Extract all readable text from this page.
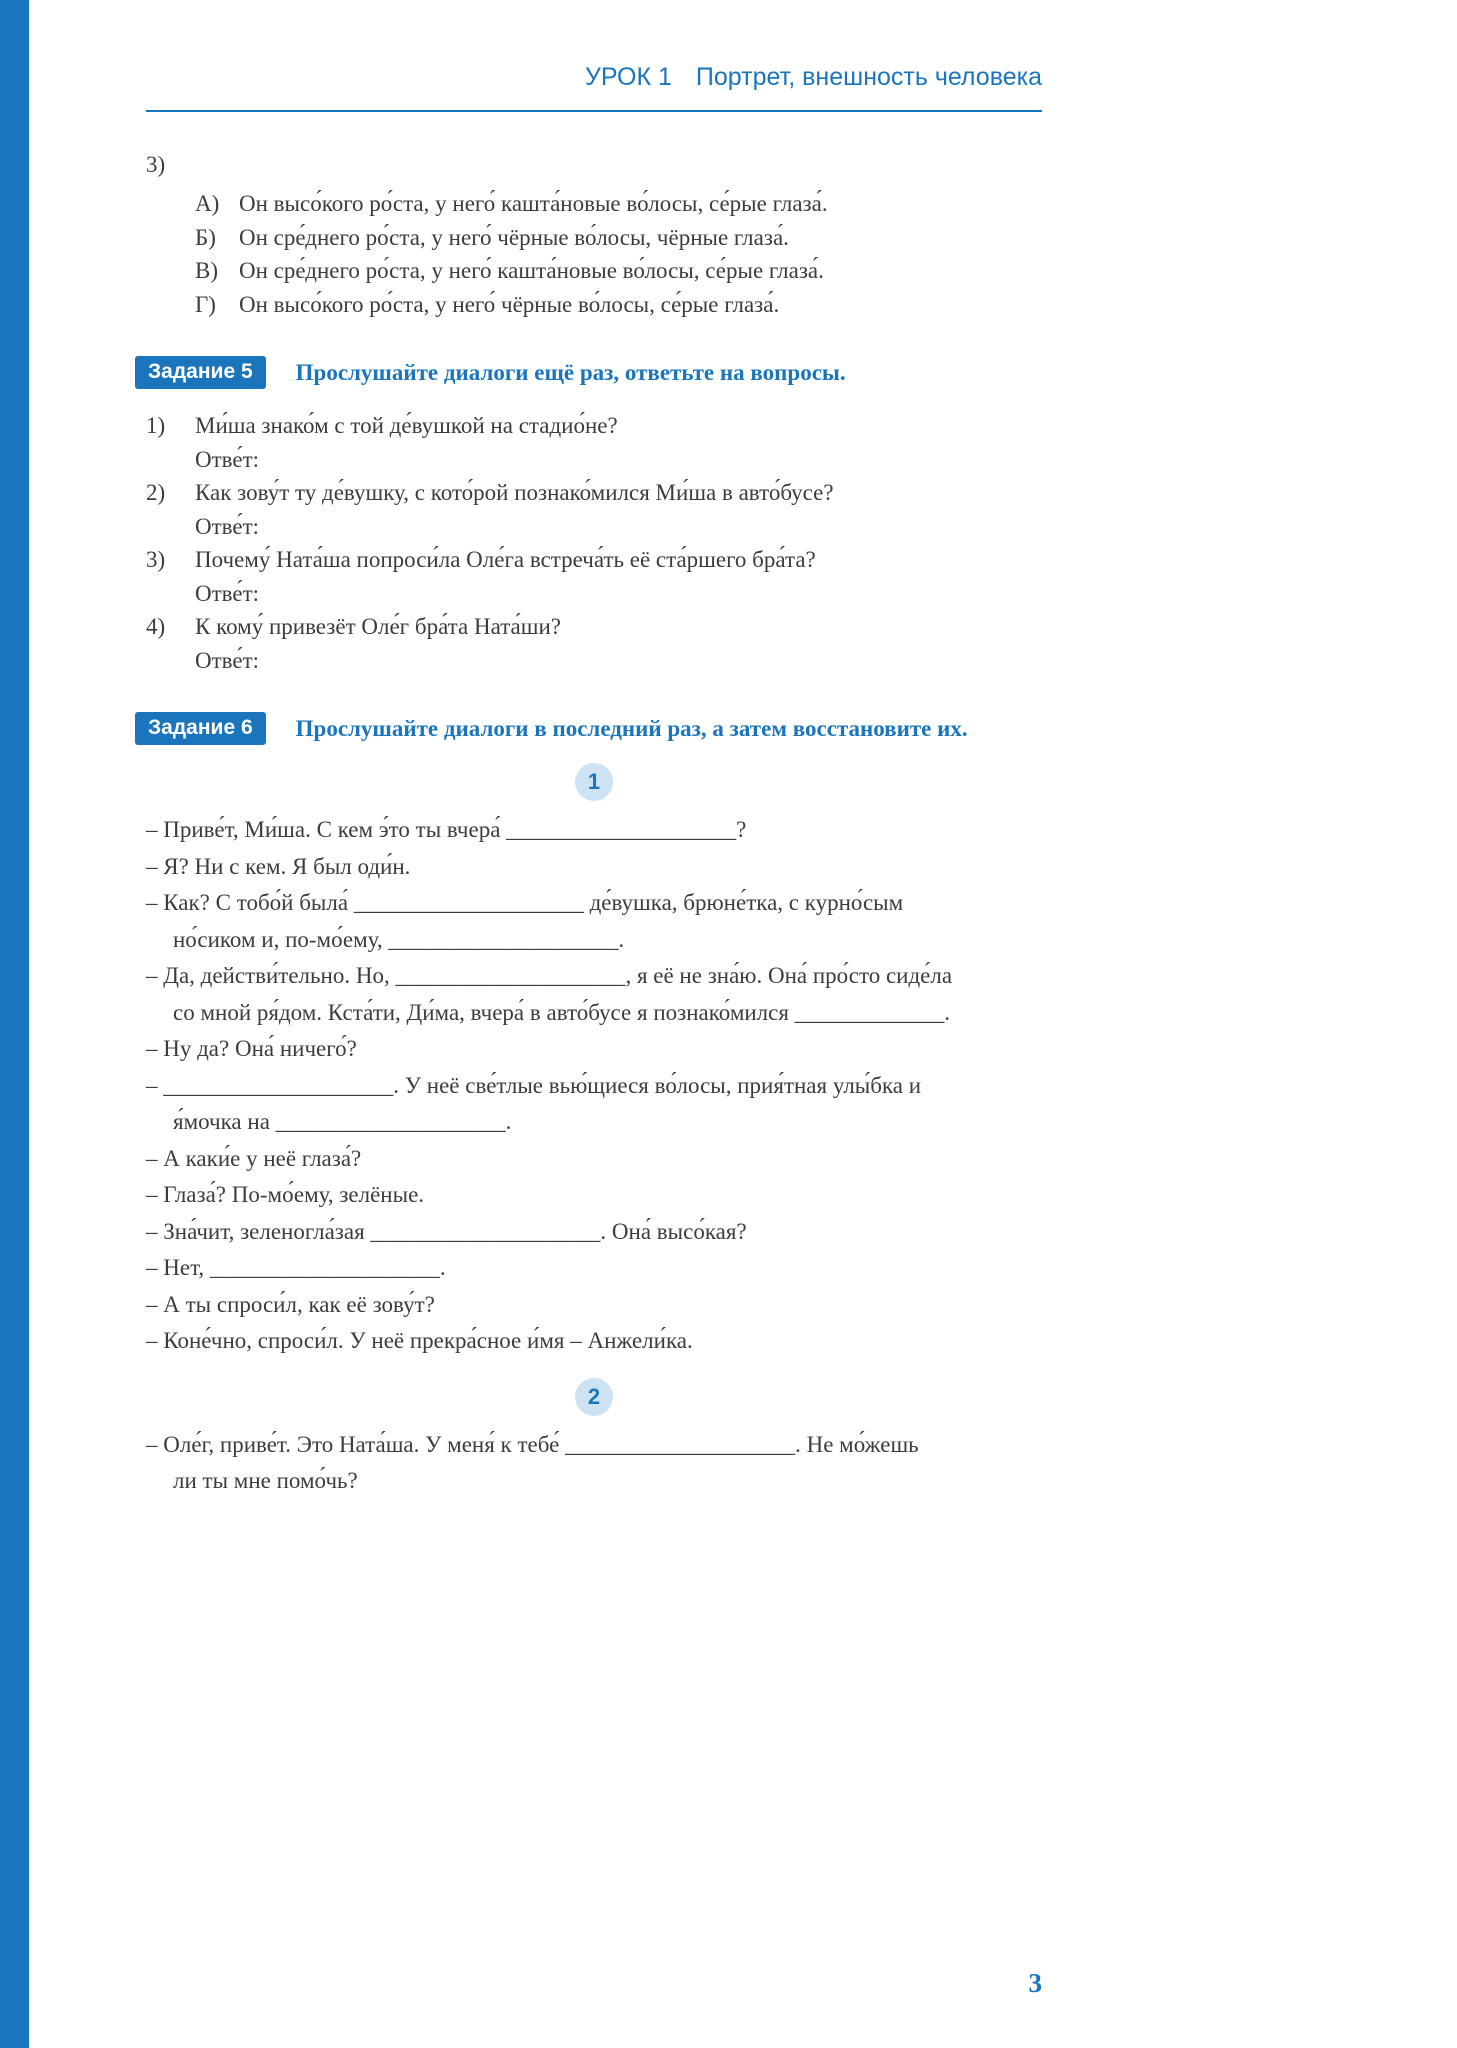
УРОК 1 Портрет, внешность человека
3)
А) Он высо́кого ро́ста, у него́ кашта́новые во́лосы, се́рые глаза́.
Б)	Он сре́днего ро́ста, у него́ чёрные во́лосы, чёрные глаза́.
В) Он сре́днего ро́ста, у него́ кашта́новые во́лосы, се́рые глаза́.
Г)	Он высо́кого ро́ста, у него́ чёрные во́лосы, се́рые глаза́.
Задание 5	Прослушайте диалоги ещё раз, ответьте на вопросы.
1)	Ми́ша знако́м с той де́вушкой на стадио́не?
Отве́т:
2)	Как зову́т ту де́вушку, с кото́рой познако́мился Ми́ша в авто́бусе?
Отве́т:
3)	Почему́ Ната́ша попроси́ла Оле́га встреча́ть её ста́ршего бра́та?
Отве́т:
4)	К кому́ привезёт Оле́г бра́та Ната́ши?
Отве́т:
Задание 6	Прослушайте диалоги в последний раз, а затем восстановите их.
1
– Приве́т, Ми́ша. С кем э́то ты вчера́ ____________________?
– Я? Ни с кем. Я был оди́н.
– Как? С тобо́й была́ ____________________ де́вушка, брюне́тка, с курно́сым
но́сиком и, по-мо́ему, ____________________.
– Да, действи́тельно. Но, ____________________, я её не зна́ю. Она́ про́сто сиде́ла
со мной ря́дом. Кста́ти, Ди́ма, вчера́ в авто́бусе я познако́мился _____________.
– Ну да? Она́ ничего́?
– ____________________. У неё све́тлые вью́щиеся во́лосы, прия́тная улы́бка и
я́мочка на ____________________.
– А каки́е у неё глаза́?
– Глаза́? По-мо́ему, зелёные.
– Зна́чит, зеленогла́зая ____________________. Она́ высо́кая?
– Нет, ____________________.
– А ты спроси́л, как её зову́т?
– Коне́чно, спроси́л. У неё прекра́сное и́мя – Анжели́ка.
2
– Оле́г, приве́т. Это Ната́ша. У меня́ к тебе́ ____________________. Не мо́жешь
ли ты мне помо́чь?
3
